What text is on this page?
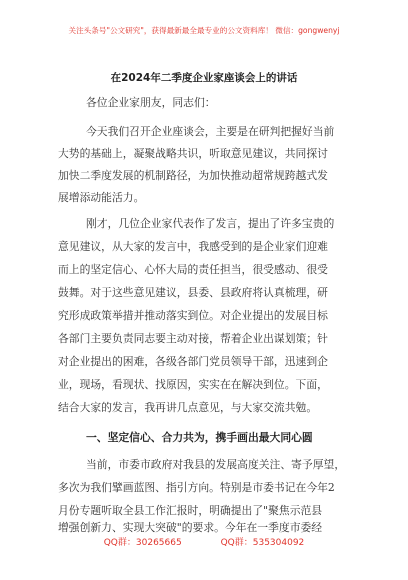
关注头条号"公文研究"，获得最新最全最专业的公文资料库！ 微信：gongwenyj
在2024年二季度企业家座谈会上的讲话
各位企业家朋友，同志们：
今天我们召开企业座谈会，主要是在研判把握好当前
大势的基础上，凝聚战略共识，听取意见建议，共同探讨
加快二季度发展的机制路径，为加快推动超常规跨越式发
展增添动能活力。
刚才，几位企业家代表作了发言，提出了许多宝贵的
意见建议，从大家的发言中，我感受到的是企业家们迎难
而上的坚定信心、心怀大局的责任担当，很受感动、很受
鼓舞。对于这些意见建议，县委、县政府将认真梳理，研
究形成政策举措并推动落实到位。对企业提出的发展目标
各部门主要负责同志要主动对接，帮着企业出谋划策；针
对企业提出的困难，各级各部门党员领导干部，迅速到企
业，现场，看现状、找原因，实实在在解决到位。下面，
结合大家的发言，我再讲几点意见，与大家交流共勉。
一、坚定信心、合力共为，携手画出最大同心圆
当前，市委市政府对我县的发展高度关注、寄予厚望，
多次为我们擘画蓝图、指引方向。特别是市委书记在今年2
月份专题听取全县工作汇报时，明确提出了"聚焦示范县
增强创新力、实现大突破"的要求。今年在一季度市委经
QQ群：30265665	QQ群：535304092
